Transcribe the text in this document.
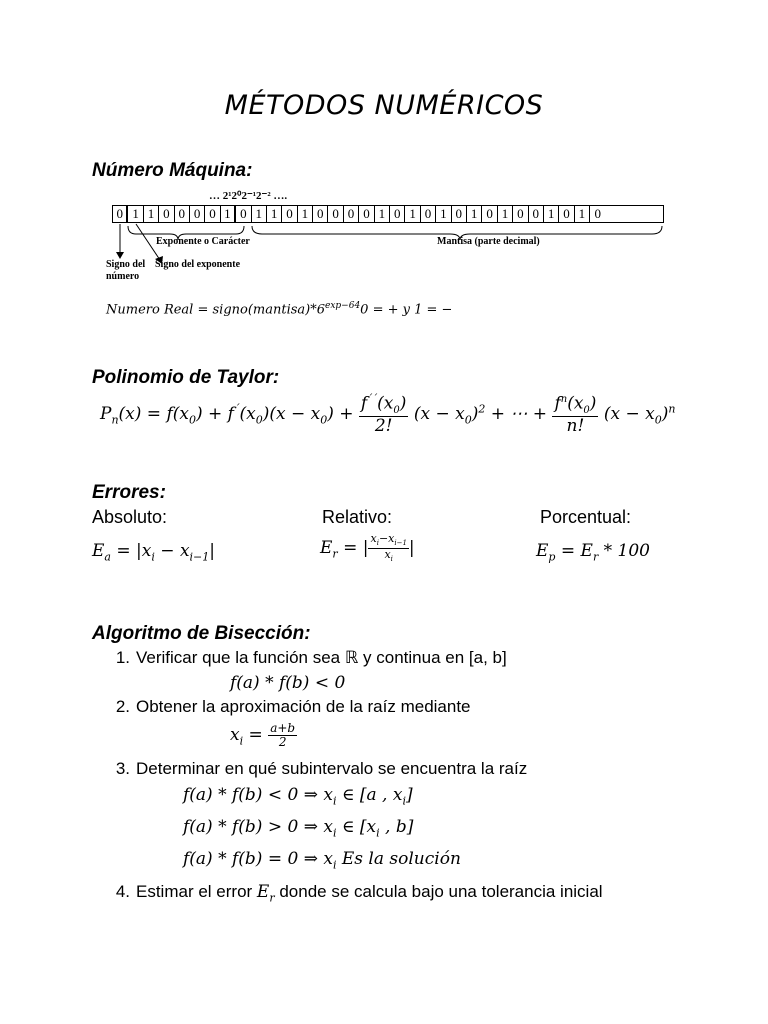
MÉTODOS NUMÉRICOS
Número Máquina:
… 2¹2⁰2⁻¹2⁻² ….
0 1 1 0 0 0 0 1 0 1 1 0 1 0 0 0 0 1 0 1 0 1 0 1 0 1 0 0 1 0 1 0
Exponente o Carácter	Mantisa (parte decimal)
Signo del número
Signo del exponente
Numero Real = $signo(mantisa)*6^{exp-64}0$ = + y 1 = −
Polinomio de Taylor:
$P_n(x) = f(x_0) + f^´(x_0)(x - x_0) + \frac{f^{´´}(x_0)}{2!} (x - x_0)^2$ + ⋯ + $\frac{f^n(x_0)}{n!} (x - x_0)^n$
Errores:
Absoluto:	Relativo:	Porcentual:
$E_a = |x_i - x_{i-1}|$	$E_r$ = | $\frac{x_i-x_{i-1}}{x_i}$ |	$E_p = E_r * 100$
Algoritmo de Bisección:
1. Verificar que la función sea ℝ y continua en [a, b]
f(a) * f(b) < 0
2. Obtener la aproximación de la raíz mediante
$x_i = \frac{a+b}{2}$
3. Determinar en qué subintervalo se encuentra la raíz
f(a) * f(b) < 0 ⇒ $x_i$ ∈ [a , $x_i$]
f(a) * f(b) > 0 ⇒ $x_i$ ∈ [$x_i$ , b]
f(a) * f(b) = 0 ⇒ $x_i$ Es la solución
4. Estimar el error $E_r$ donde se calcula bajo una tolerancia inicial
